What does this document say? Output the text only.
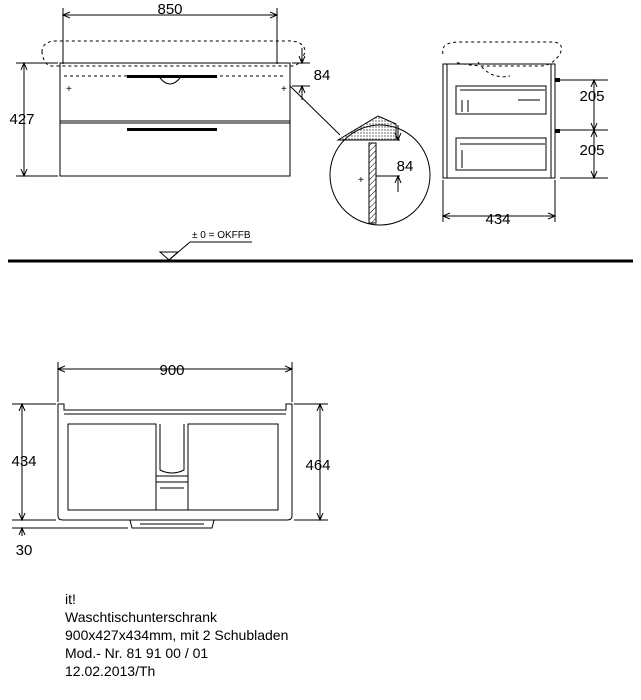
850
+	+
427
84
+
84
434
205
205
± 0 = OKFFB
900
434
30
464
it!
Waschtischunterschrank
900x427x434mm, mit 2 Schubladen
Mod.- Nr. 81 91 00 / 01
12.02.2013/Th
